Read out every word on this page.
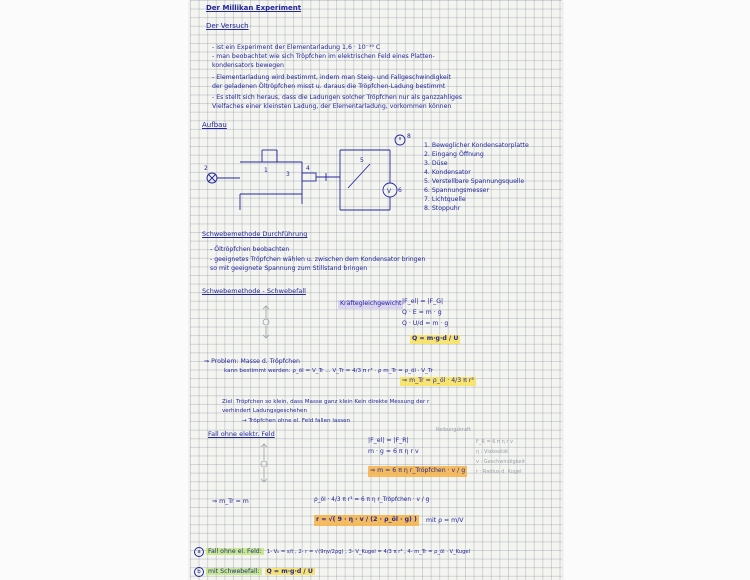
Der Millikan Experiment
Der Versuch
- ist ein Experiment der Elementarladung 1,6 · 10⁻¹⁹ C
- man beobachtet wie sich Tröpfchen im elektrischen Feld eines Platten-
kondensators bewegen
- Elementarladung wird bestimmt, indem man Steig- und Fallgeschwindigkeit
der geladenen Öltröpfchen misst u. daraus die Tröpfchen-Ladung bestimmt
- Es stellt sich heraus, dass die Ladungen solcher Tröpfchen nur als ganzzahliges
Vielfaches einer kleinsten Ladung, der Elementarladung, vorkommen können
Aufbau
2	1
3
4
5
6
8
V
1. Beweglicher Kondensatorplatte
2. Eingang Öffnung
3. Düse
4. Kondensator
5. Verstellbare Spannungsquelle
6. Spannungsmesser
7. Lichtquelle
8. Stoppuhr
Schwebemethode Durchführung
- Öltröpfchen beobachten
- geeignetes Tröpfchen wählen u. zwischen dem Kondensator bringen
so mit geeignete Spannung zum Stillstand bringen
Schwebemethode - Schwebefall
Kräftegleichgewicht |F_el| = |F_G|
Q · E = m · g
Q · U/d = m · g
Q = m·g·d / U
⇒ Problem: Masse d. Tröpfchen
kann bestimmt werden: ρ_öl = V_Tr ... V_Tr = 4/3 π r³ · ρ m_Tr = ρ_öl · V_Tr
⇒ m_Tr = ρ_öl · 4/3 π r³
Ziel: Tröpfchen so klein, dass Masse ganz klein Kein direkte Messung der r
verhindert Ladungsgeschehen
→ Tröpfchen ohne el. Feld fallen lassen
Fall ohne elektr. Feld
|F_el| = |F_R|
m · g = 6 π η r v
⇒ m = 6 π η r_Tröpfchen · v / g
Reibungskraft
F_R = 6 π η r v
η : Viskosität
v : Geschwindigkeit
r : Radius d. Kugel
⇒ m_Tr = m	ρ_öl · 4/3 π r³ = 6 π η r_Tröpfchen · v / g
r = √( 9 · η · v / (2 · ρ_öl · g) )	mit ρ = m/V
a Fall ohne el. Feld: 1- V₀ = s/t , 2- r = √(9ηv/2ρg) , 3- V_Kugel = 4/3 π r³ , 4- m_Tr = ρ_öl · V_Kugel
b mit Schwebefall: Q = m·g·d / U
